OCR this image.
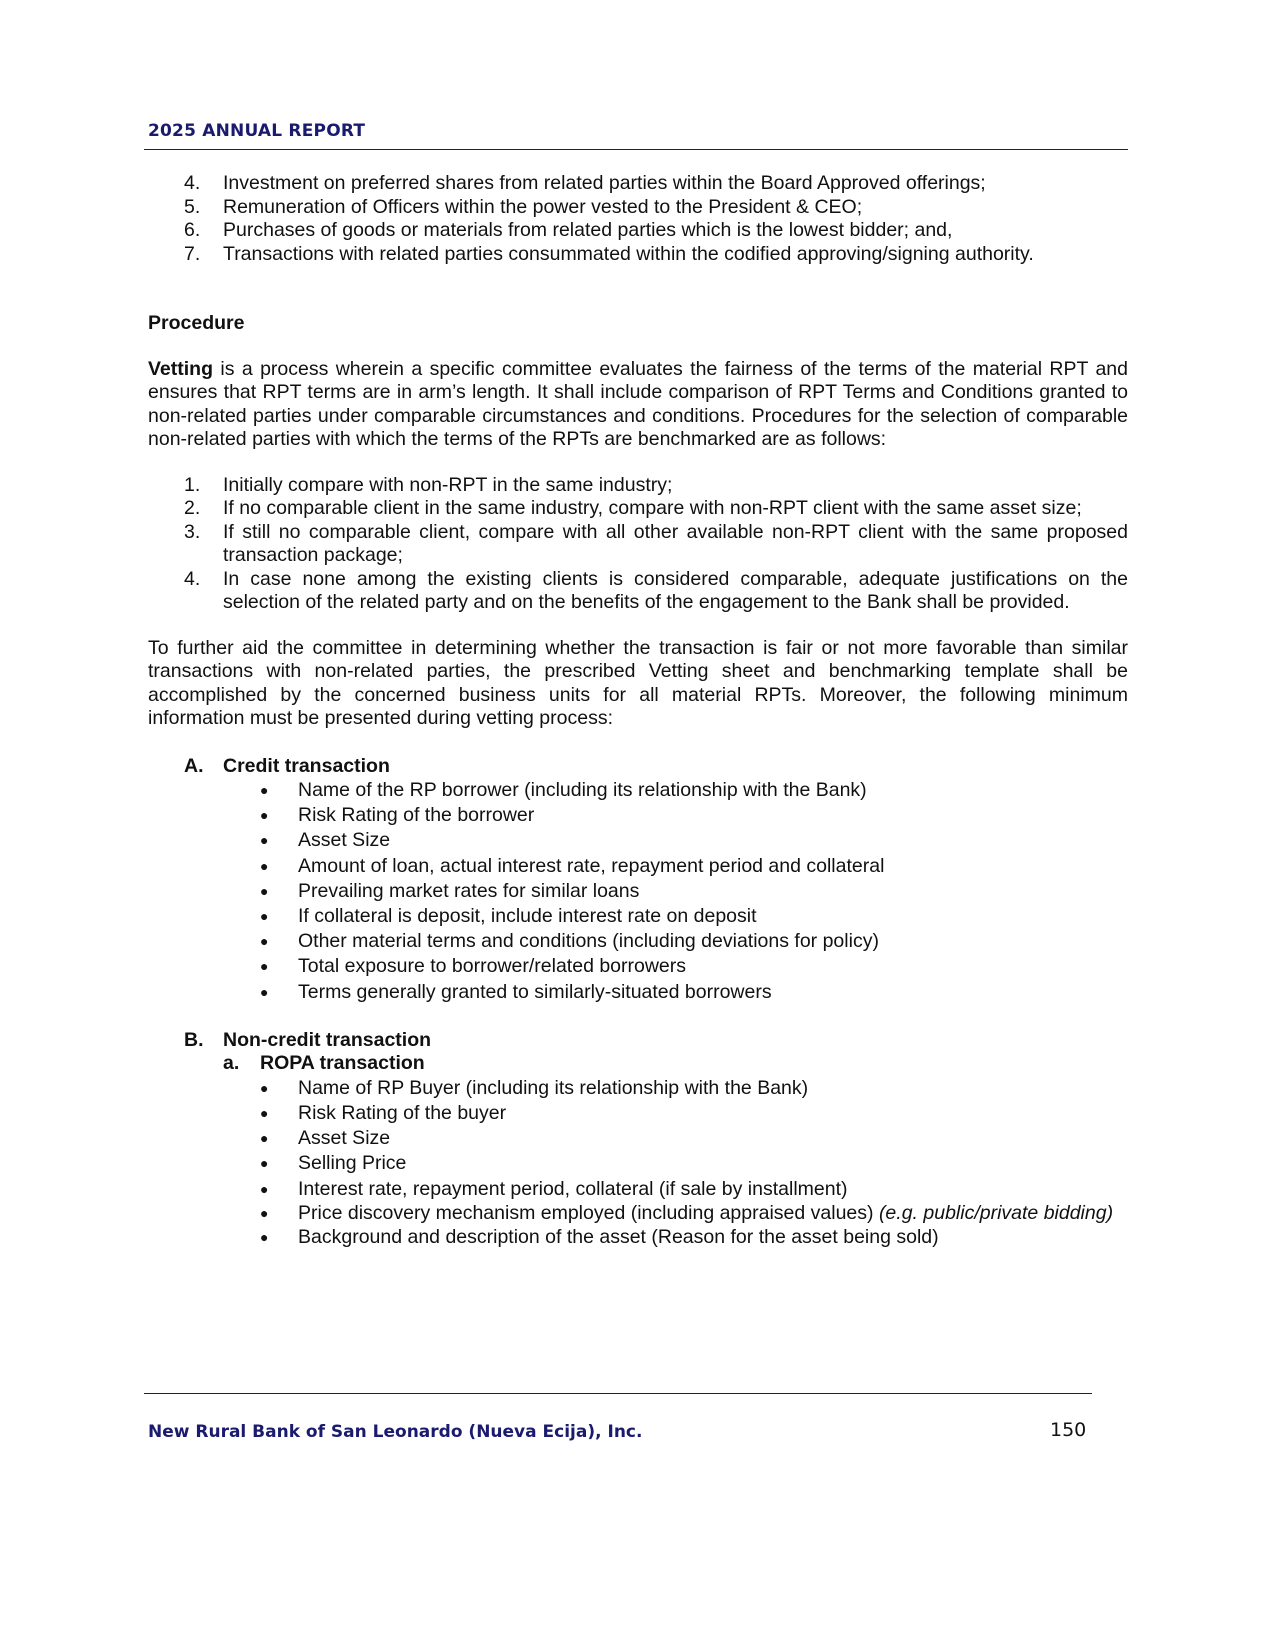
2025 ANNUAL REPORT
4. Investment on preferred shares from related parties within the Board Approved offerings;
5. Remuneration of Officers within the power vested to the President & CEO;
6. Purchases of goods or materials from related parties which is the lowest bidder; and,
7. Transactions with related parties consummated within the codified approving/signing authority.
Procedure

Vetting is a process wherein a specific committee evaluates the fairness of the terms of the material RPT and ensures that RPT terms are in arm’s length. It shall include comparison of RPT Terms and Conditions granted to non-related parties under comparable circumstances and conditions. Procedures for the selection of comparable non-related parties with which the terms of the RPTs are benchmarked are as follows:

1. Initially compare with non-RPT in the same industry;
2. If no comparable client in the same industry, compare with non-RPT client with the same asset size;
3. If still no comparable client, compare with all other available non-RPT client with the same proposed transaction package;
4. In case none among the existing clients is considered comparable, adequate justifications on the selection of the related party and on the benefits of the engagement to the Bank shall be provided.

To further aid the committee in determining whether the transaction is fair or not more favorable than similar transactions with non-related parties, the prescribed Vetting sheet and benchmarking template shall be accomplished by the concerned business units for all material RPTs. Moreover, the following minimum information must be presented during vetting process:

A. Credit transaction
● Name of the RP borrower (including its relationship with the Bank)
● Risk Rating of the borrower
● Asset Size
● Amount of loan, actual interest rate, repayment period and collateral
● Prevailing market rates for similar loans
● If collateral is deposit, include interest rate on deposit
● Other material terms and conditions (including deviations for policy)
● Total exposure to borrower/related borrowers
● Terms generally granted to similarly-situated borrowers
B. Non-credit transaction
a. ROPA transaction
● Name of RP Buyer (including its relationship with the Bank)
● Risk Rating of the buyer
● Asset Size
● Selling Price
● Interest rate, repayment period, collateral (if sale by installment)
● Price discovery mechanism employed (including appraised values) (e.g. public/private bidding)
● Background and description of the asset (Reason for the asset being sold)
New Rural Bank of San Leonardo (Nueva Ecija), Inc.	150
